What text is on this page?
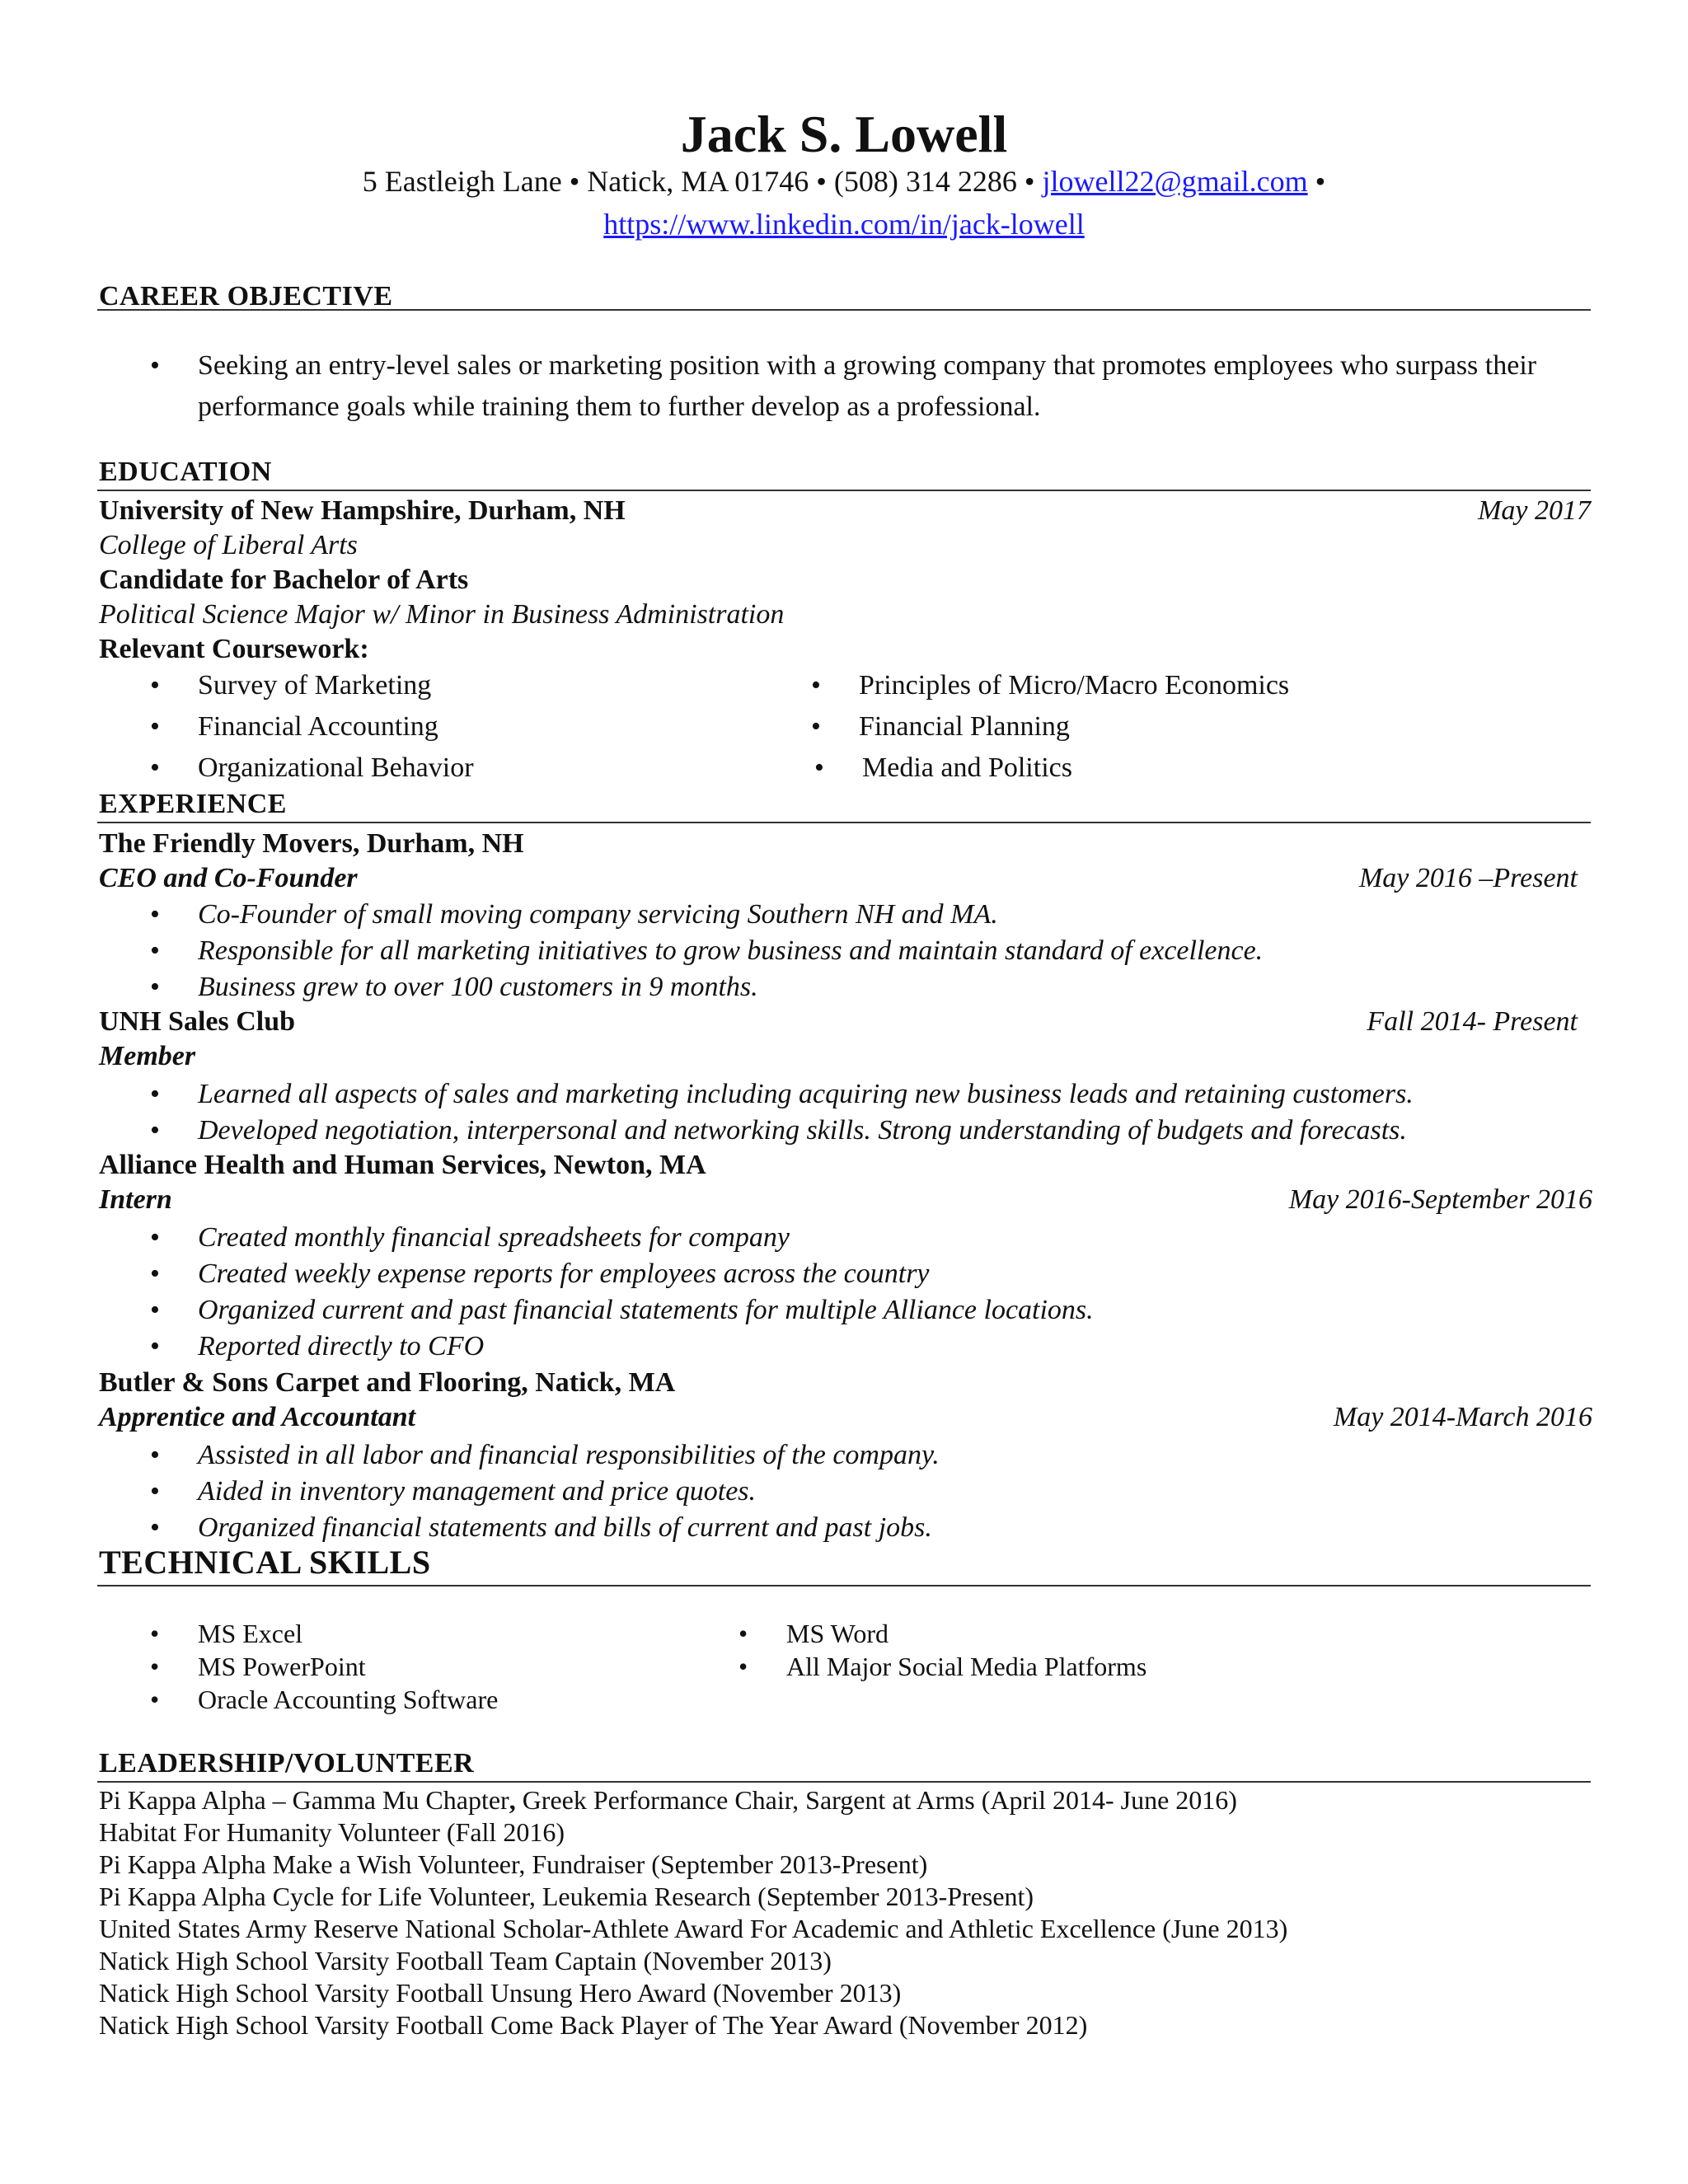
Jack S. Lowell
5 Eastleigh Lane • Natick, MA 01746 • (508) 314 2286 • jlowell22@gmail.com •
https://www.linkedin.com/in/jack-lowell
CAREER OBJECTIVE
• Seeking an entry-level sales or marketing position with a growing company that promotes employees who surpass their performance goals while training them to further develop as a professional.
EDUCATION
University of New Hampshire, Durham, NH	May 2017
College of Liberal Arts
Candidate for Bachelor of Arts
Political Science Major w/ Minor in Business Administration
Relevant Coursework:
• Survey of Marketing
• Financial Accounting
• Organizational Behavior
• Principles of Micro/Macro Economics
• Financial Planning
• Media and Politics
EXPERIENCE
The Friendly Movers, Durham, NH
CEO and Co-Founder	May 2016 –Present
• Co-Founder of small moving company servicing Southern NH and MA.
• Responsible for all marketing initiatives to grow business and maintain standard of excellence.
• Business grew to over 100 customers in 9 months.
UNH Sales Club	Fall 2014- Present
Member
• Learned all aspects of sales and marketing including acquiring new business leads and retaining customers.
• Developed negotiation, interpersonal and networking skills. Strong understanding of budgets and forecasts.
Alliance Health and Human Services, Newton, MA
Intern	May 2016-September 2016
• Created monthly financial spreadsheets for company
• Created weekly expense reports for employees across the country
• Organized current and past financial statements for multiple Alliance locations.
• Reported directly to CFO
Butler & Sons Carpet and Flooring, Natick, MA
Apprentice and Accountant	May 2014-March 2016
• Assisted in all labor and financial responsibilities of the company.
• Aided in inventory management and price quotes.
• Organized financial statements and bills of current and past jobs.
TECHNICAL SKILLS
• MS Excel
• MS PowerPoint
• Oracle Accounting Software
• MS Word
• All Major Social Media Platforms
LEADERSHIP/VOLUNTEER
Pi Kappa Alpha – Gamma Mu Chapter, Greek Performance Chair, Sargent at Arms (April 2014- June 2016)
Habitat For Humanity Volunteer (Fall 2016)
Pi Kappa Alpha Make a Wish Volunteer, Fundraiser (September 2013-Present)
Pi Kappa Alpha Cycle for Life Volunteer, Leukemia Research (September 2013-Present)
United States Army Reserve National Scholar-Athlete Award For Academic and Athletic Excellence (June 2013)
Natick High School Varsity Football Team Captain (November 2013)
Natick High School Varsity Football Unsung Hero Award (November 2013)
Natick High School Varsity Football Come Back Player of The Year Award (November 2012)
